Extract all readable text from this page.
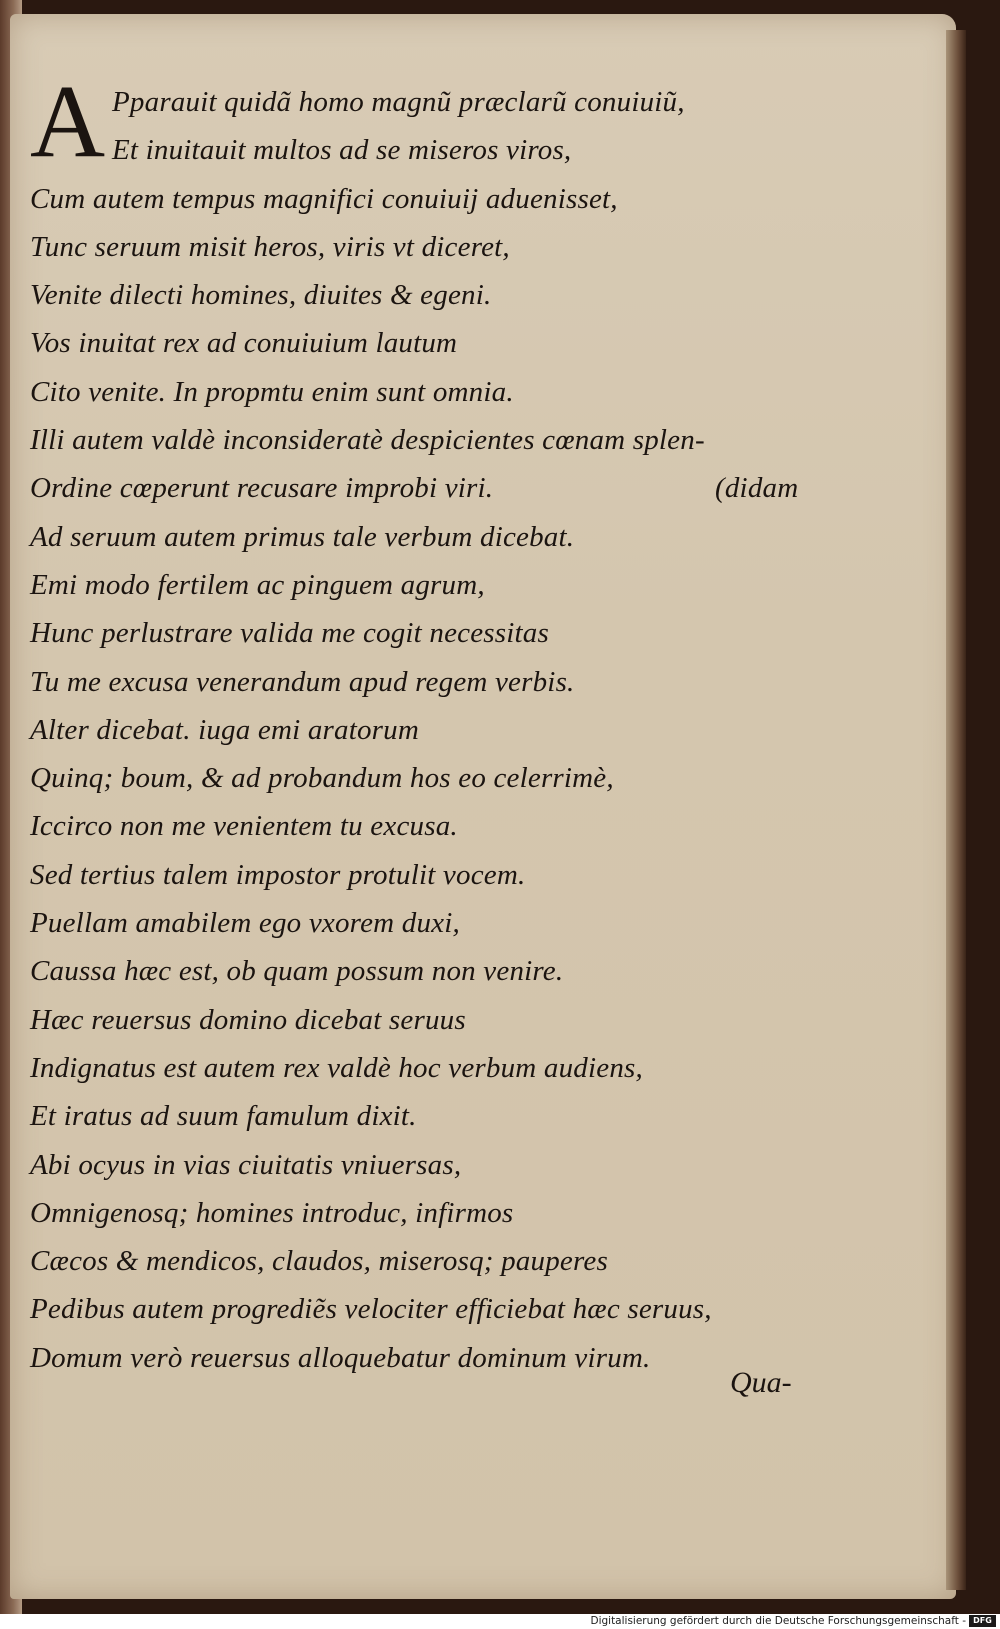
A Pparauit quidã homo magnũ præclarũ conuiuiũ,
Et inuitauit multos ad se miseros viros,
Cum autem tempus magnifici conuiuij aduenisset,
Tunc seruum misit heros, viris vt diceret,
Venite dilecti homines, diuites & egeni.
Vos inuitat rex ad conuiuium lautum
Cito venite. In propmtu enim sunt omnia.
Illi autem valdè inconsideratè despicientes cœnam splen-
Ordine cœperunt recusare improbi viri.	(didam
Ad seruum autem primus tale verbum dicebat.
Emi modo fertilem ac pinguem agrum,
Hunc perlustrare valida me cogit necessitas
Tu me excusa venerandum apud regem verbis.
Alter dicebat. iuga emi aratorum
Quinq; boum, & ad probandum hos eo celerrimè,
Iccirco non me venientem tu excusa.
Sed tertius talem impostor protulit vocem.
Puellam amabilem ego vxorem duxi,
Caussa hæc est, ob quam possum non venire.
Hæc reuersus domino dicebat seruus
Indignatus est autem rex valdè hoc verbum audiens,
Et iratus ad suum famulum dixit.
Abi ocyus in vias ciuitatis vniuersas,
Omnigenosq; homines introduc, infirmos
Cæcos & mendicos, claudos, miserosq; pauperes
Pedibus autem progrediẽs velociter efficiebat hæc seruus,
Domum verò reuersus alloquebatur dominum virum.
Qua-
Digitalisierung gefördert durch die Deutsche Forschungsgemeinschaft - DFG
